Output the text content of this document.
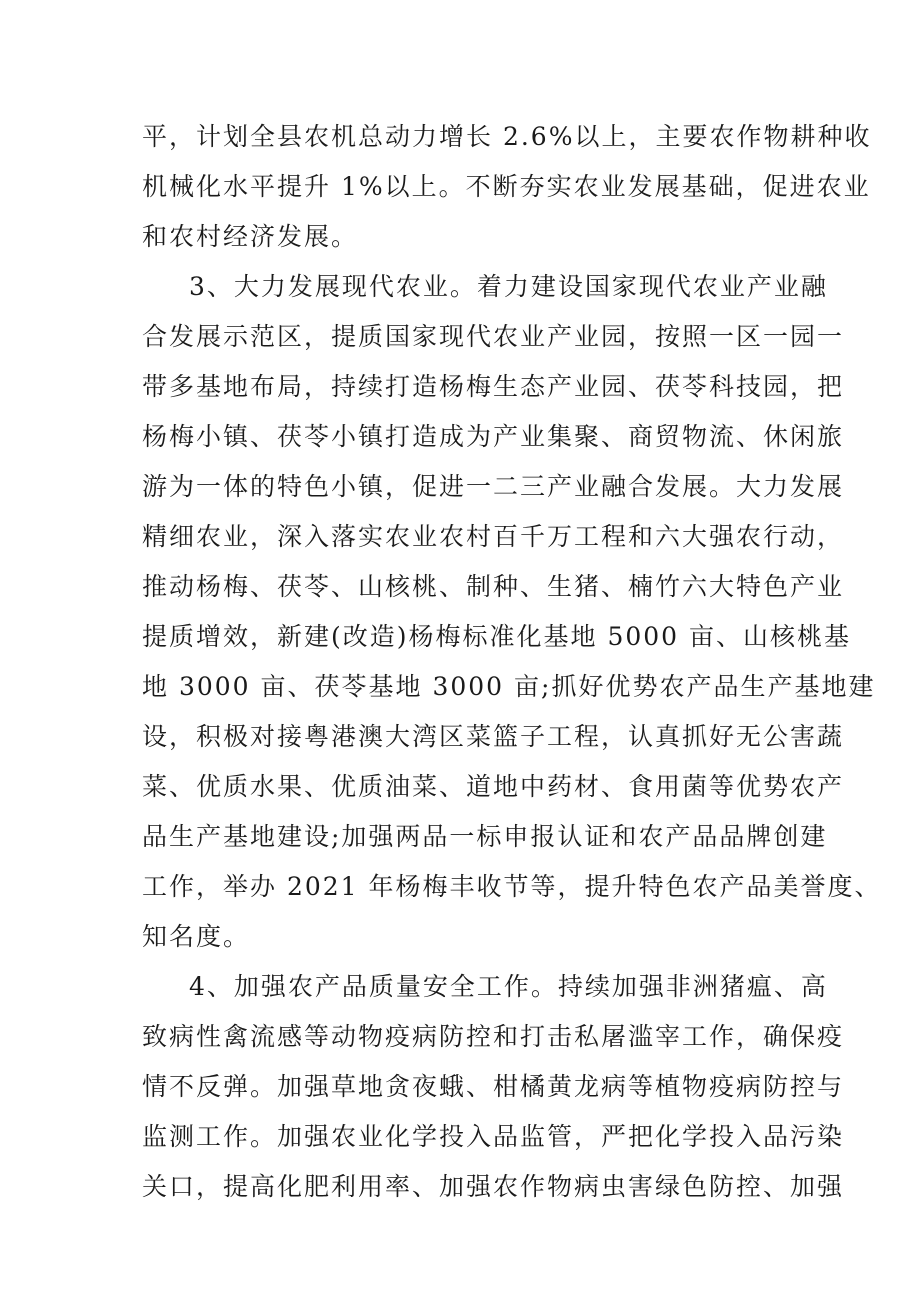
平，计划全县农机总动力增长 2.6%以上，主要农作物耕种收
机械化水平提升 1%以上。不断夯实农业发展基础，促进农业
和农村经济发展。

3、大力发展现代农业。着力建设国家现代农业产业融
合发展示范区，提质国家现代农业产业园，按照一区一园一
带多基地布局，持续打造杨梅生态产业园、茯苓科技园，把
杨梅小镇、茯苓小镇打造成为产业集聚、商贸物流、休闲旅
游为一体的特色小镇，促进一二三产业融合发展。大力发展
精细农业，深入落实农业农村百千万工程和六大强农行动，
推动杨梅、茯苓、山核桃、制种、生猪、楠竹六大特色产业
提质增效，新建(改造)杨梅标准化基地 5000 亩、山核桃基
地 3000 亩、茯苓基地 3000 亩;抓好优势农产品生产基地建
设，积极对接粤港澳大湾区菜篮子工程，认真抓好无公害蔬
菜、优质水果、优质油菜、道地中药材、食用菌等优势农产
品生产基地建设;加强两品一标申报认证和农产品品牌创建
工作，举办 2021 年杨梅丰收节等，提升特色农产品美誉度、
知名度。

4、加强农产品质量安全工作。持续加强非洲猪瘟、高
致病性禽流感等动物疫病防控和打击私屠滥宰工作，确保疫
情不反弹。加强草地贪夜蛾、柑橘黄龙病等植物疫病防控与
监测工作。加强农业化学投入品监管，严把化学投入品污染
关口，提高化肥利用率、加强农作物病虫害绿色防控、加强
